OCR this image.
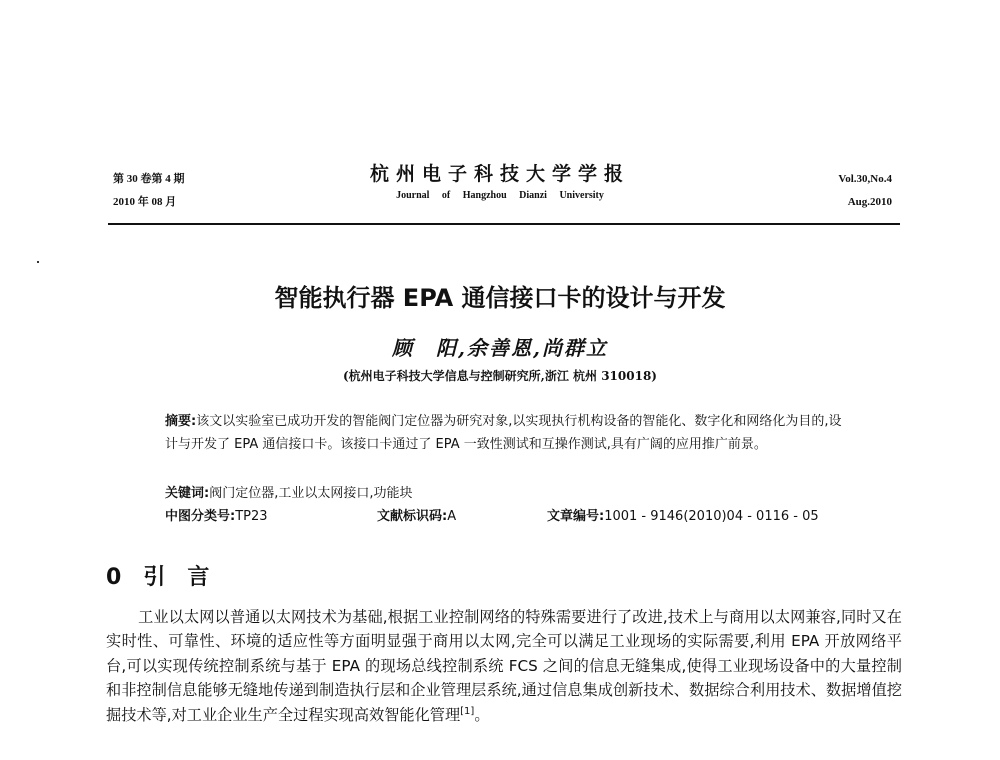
第 30 卷第 4 期
2010 年 08 月
杭州电子科技大学学报
Journal of Hangzhou Dianzi University
Vol.30,No.4
Aug.2010
智能执行器 EPA 通信接口卡的设计与开发
顾　阳,余善恩,尚群立
(杭州电子科技大学信息与控制研究所,浙江 杭州 310018)
摘要:该文以实验室已成功开发的智能阀门定位器为研究对象,以实现执行机构设备的智能化、数字化和网络化为目的,设计与开发了 EPA 通信接口卡。该接口卡通过了 EPA 一致性测试和互操作测试,具有广阔的应用推广前景。
关键词:阀门定位器,工业以太网接口,功能块
中图分类号:TP23	文献标识码:A	文章编号:1001 - 9146(2010)04 - 0116 - 05
0 引言
工业以太网以普通以太网技术为基础,根据工业控制网络的特殊需要进行了改进,技术上与商用以太网兼容,同时又在实时性、可靠性、环境的适应性等方面明显强于商用以太网,完全可以满足工业现场的实际需要,利用 EPA 开放网络平台,可以实现传统控制系统与基于 EPA 的现场总线控制系统 FCS 之间的信息无缝集成,使得工业现场设备中的大量控制和非控制信息能够无缝地传递到制造执行层和企业管理层系统,通过信息集成创新技术、数据综合利用技术、数据增值挖掘技术等,对工业企业生产全过程实现高效智能化管理[1]。
